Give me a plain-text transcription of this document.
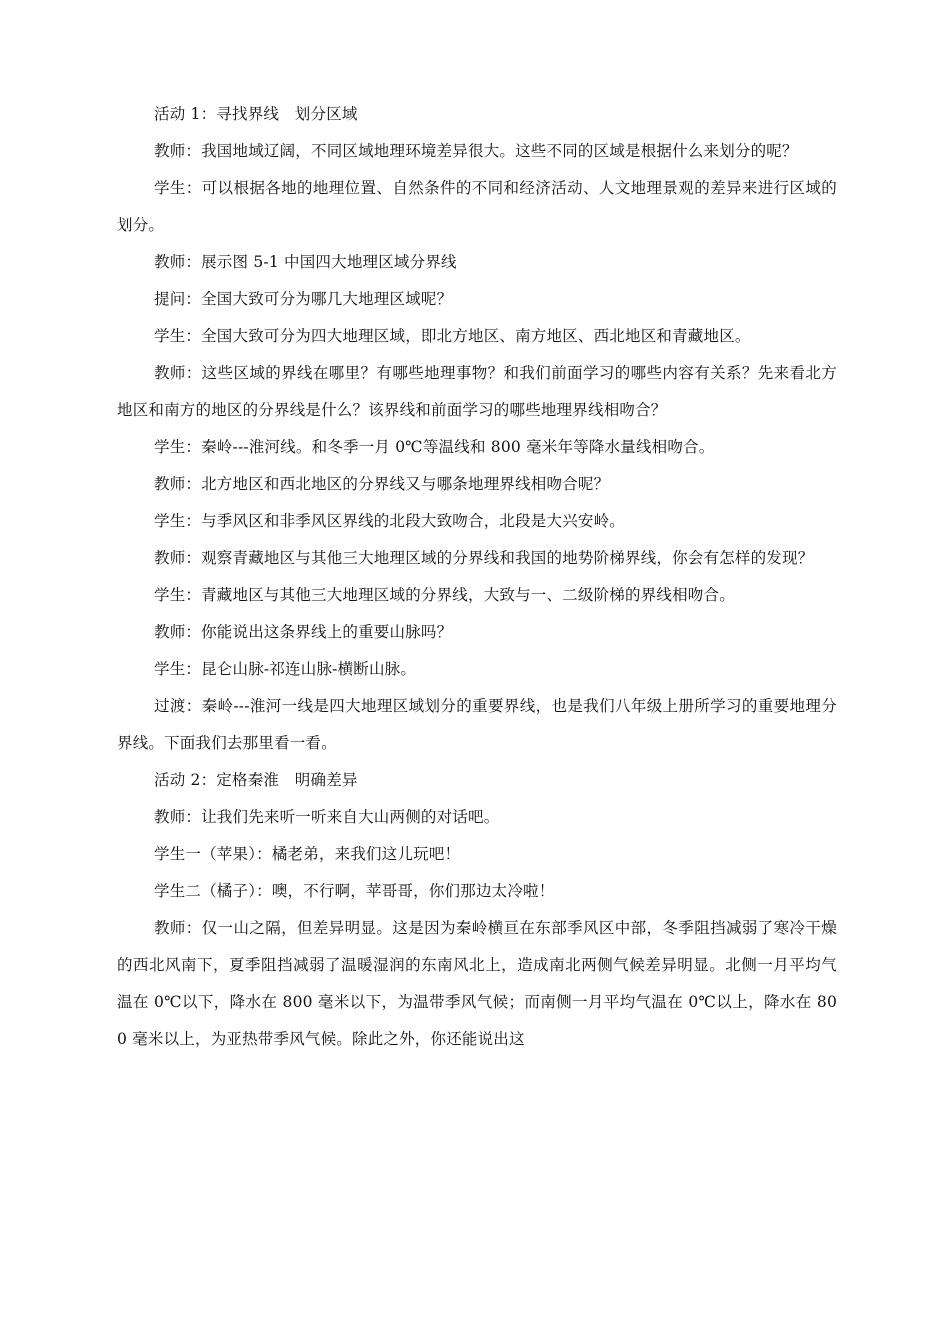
活动 1：寻找界线　划分区域

教师：我国地域辽阔，不同区域地理环境差异很大。这些不同的区域是根据什么来划分的呢？

学生：可以根据各地的地理位置、自然条件的不同和经济活动、人文地理景观的差异来进行区域的划分。

教师：展示图 5-1 中国四大地理区域分界线

提问：全国大致可分为哪几大地理区域呢？

学生：全国大致可分为四大地理区域，即北方地区、南方地区、西北地区和青藏地区。

教师：这些区域的界线在哪里？有哪些地理事物？和我们前面学习的哪些内容有关系？先来看北方地区和南方的地区的分界线是什么？该界线和前面学习的哪些地理界线相吻合？

学生：秦岭---淮河线。和冬季一月 0℃等温线和 800 毫米年等降水量线相吻合。

教师：北方地区和西北地区的分界线又与哪条地理界线相吻合呢？

学生：与季风区和非季风区界线的北段大致吻合，北段是大兴安岭。

教师：观察青藏地区与其他三大地理区域的分界线和我国的地势阶梯界线，你会有怎样的发现？

学生：青藏地区与其他三大地理区域的分界线，大致与一、二级阶梯的界线相吻合。

教师：你能说出这条界线上的重要山脉吗？

学生：昆仑山脉-祁连山脉-横断山脉。

过渡：秦岭---淮河一线是四大地理区域划分的重要界线，也是我们八年级上册所学习的重要地理分界线。下面我们去那里看一看。

活动 2：定格秦淮　明确差异

教师：让我们先来听一听来自大山两侧的对话吧。

学生一（苹果）：橘老弟，来我们这儿玩吧！

学生二（橘子）：噢，不行啊，苹哥哥，你们那边太冷啦！

教师：仅一山之隔，但差异明显。这是因为秦岭横亘在东部季风区中部，冬季阻挡减弱了寒冷干燥的西北风南下，夏季阻挡减弱了温暖湿润的东南风北上，造成南北两侧气候差异明显。北侧一月平均气温在 0℃以下，降水在 800 毫米以下，为温带季风气候；而南侧一月平均气温在 0℃以上，降水在 800 毫米以上，为亚热带季风气候。除此之外，你还能说出这
